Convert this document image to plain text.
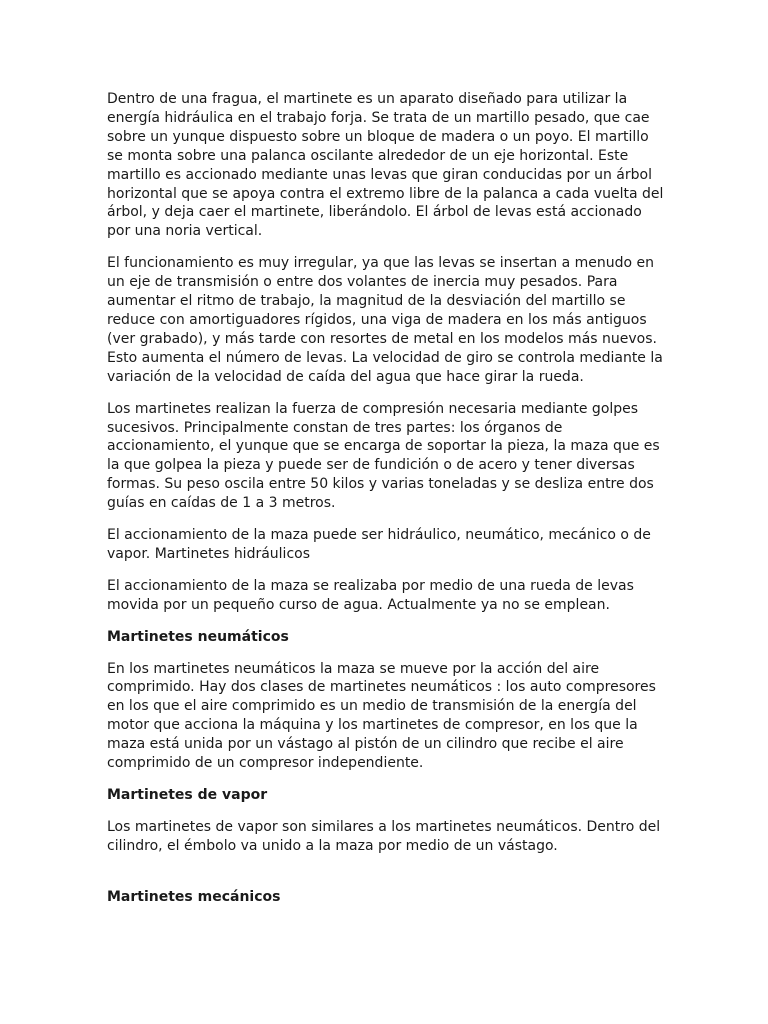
Dentro de una fragua, el martinete es un aparato diseñado para utilizar la energía hidráulica en el trabajo forja. Se trata de un martillo pesado, que cae sobre un yunque dispuesto sobre un bloque de madera o un poyo. El martillo se monta sobre una palanca oscilante alrededor de un eje horizontal. Este martillo es accionado mediante unas levas que giran conducidas por un árbol horizontal que se apoya contra el extremo libre de la palanca a cada vuelta del árbol, y deja caer el martinete, liberándolo. El árbol de levas está accionado por una noria vertical.

El funcionamiento es muy irregular, ya que las levas se insertan a menudo en un eje de transmisión o entre dos volantes de inercia muy pesados. Para aumentar el ritmo de trabajo, la magnitud de la desviación del martillo se reduce con amortiguadores rígidos, una viga de madera en los más antiguos (ver grabado), y más tarde con resortes de metal en los modelos más nuevos. Esto aumenta el número de levas. La velocidad de giro se controla mediante la variación de la velocidad de caída del agua que hace girar la rueda.

Los martinetes realizan la fuerza de compresión necesaria mediante golpes sucesivos. Principalmente constan de tres partes: los órganos de accionamiento, el yunque que se encarga de soportar la pieza, la maza que es la que golpea la pieza y puede ser de fundición o de acero y tener diversas formas. Su peso oscila entre 50 kilos y varias toneladas y se desliza entre dos guías en caídas de 1 a 3 metros.

El accionamiento de la maza puede ser hidráulico, neumático, mecánico o de vapor. Martinetes hidráulicos

El accionamiento de la maza se realizaba por medio de una rueda de levas movida por un pequeño curso de agua. Actualmente ya no se emplean.

Martinetes neumáticos

En los martinetes neumáticos la maza se mueve por la acción del aire comprimido. Hay dos clases de martinetes neumáticos : los auto compresores en los que el aire comprimido es un medio de transmisión de la energía del motor que acciona la máquina y los martinetes de compresor, en los que la maza está unida por un vástago al pistón de un cilindro que recibe el aire comprimido de un compresor independiente.

Martinetes de vapor

Los martinetes de vapor son similares a los martinetes neumáticos. Dentro del cilindro, el émbolo va unido a la maza por medio de un vástago.

Martinetes mecánicos
